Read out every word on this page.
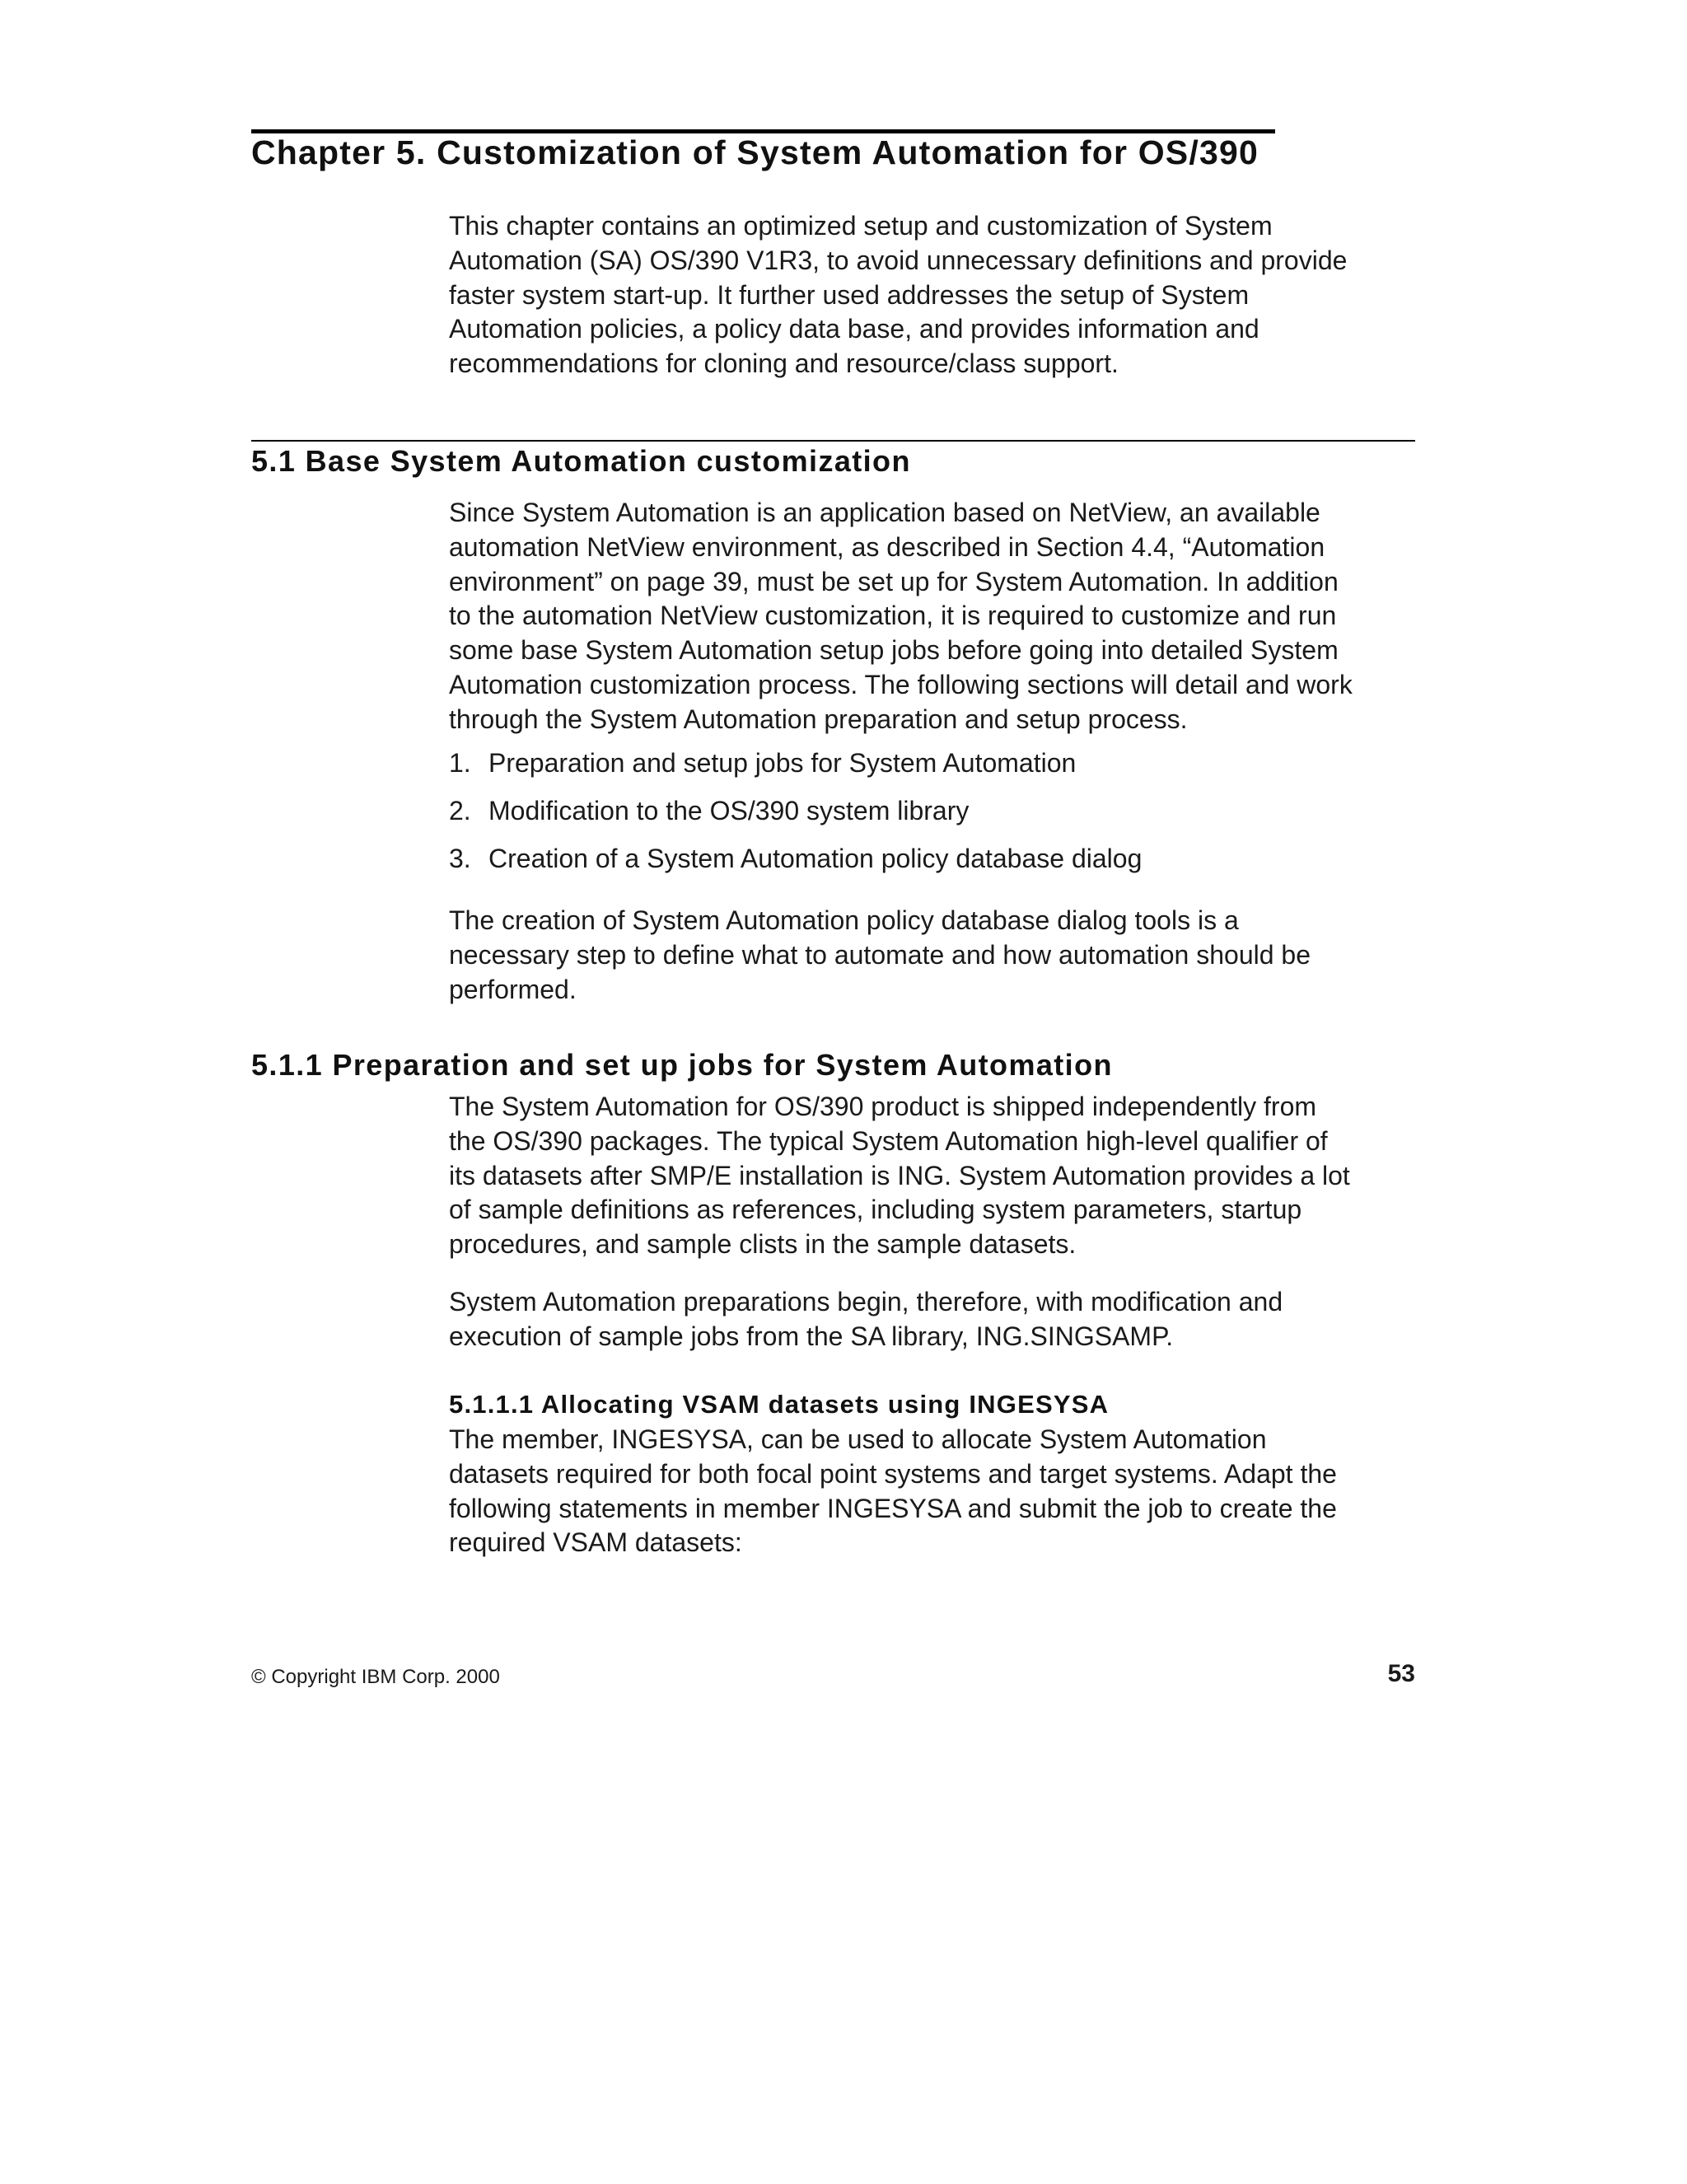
Chapter 5. Customization of System Automation for OS/390
This chapter contains an optimized setup and customization of System
Automation (SA) OS/390 V1R3, to avoid unnecessary definitions and provide
faster system start-up. It further used addresses the setup of System
Automation policies, a policy data base, and provides information and
recommendations for cloning and resource/class support.
5.1 Base System Automation customization
Since System Automation is an application based on NetView, an available
automation NetView environment, as described in Section 4.4, “Automation
environment” on page 39, must be set up for System Automation. In addition
to the automation NetView customization, it is required to customize and run
some base System Automation setup jobs before going into detailed System
Automation customization process. The following sections will detail and work
through the System Automation preparation and setup process.
1. Preparation and setup jobs for System Automation
2. Modification to the OS/390 system library
3. Creation of a System Automation policy database dialog
The creation of System Automation policy database dialog tools is a
necessary step to define what to automate and how automation should be
performed.
5.1.1 Preparation and set up jobs for System Automation
The System Automation for OS/390 product is shipped independently from
the OS/390 packages. The typical System Automation high-level qualifier of
its datasets after SMP/E installation is ING. System Automation provides a lot
of sample definitions as references, including system parameters, startup
procedures, and sample clists in the sample datasets.
System Automation preparations begin, therefore, with modification and
execution of sample jobs from the SA library, ING.SINGSAMP.
5.1.1.1 Allocating VSAM datasets using INGESYSA
The member, INGESYSA, can be used to allocate System Automation
datasets required for both focal point systems and target systems. Adapt the
following statements in member INGESYSA and submit the job to create the
required VSAM datasets:
© Copyright IBM Corp. 2000	53
